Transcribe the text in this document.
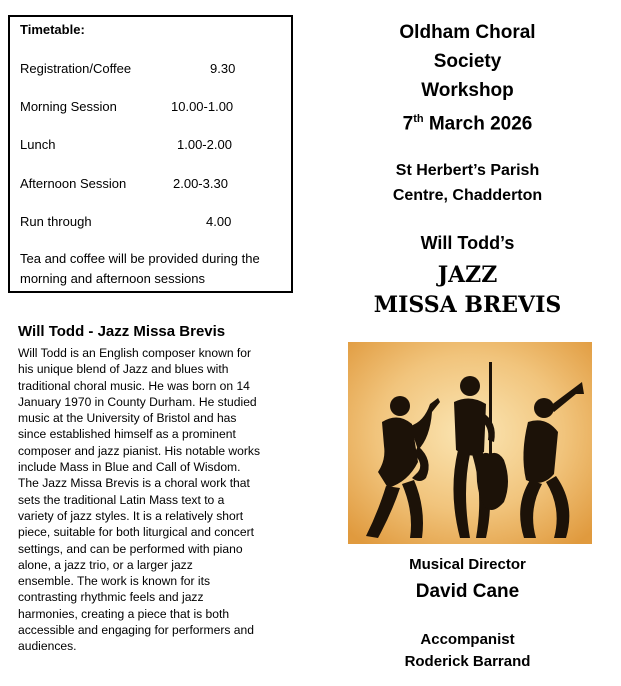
Timetable:
Registration/Coffee	9.30
Morning Session	10.00-1.00
Lunch	1.00-2.00
Afternoon Session	2.00-3.30
Run through	4.00
Tea and coffee will be provided during the morning and afternoon sessions
Will Todd - Jazz Missa Brevis
Will Todd is an English composer known for
his unique blend of Jazz and blues with
traditional choral music. He was born on 14
January 1970 in County Durham. He studied
music at the University of Bristol and has
since established himself as a prominent
composer and jazz pianist. His notable works
include Mass in Blue and Call of Wisdom.
The Jazz Missa Brevis is a choral work that
sets the traditional Latin Mass text to a
variety of jazz styles. It is a relatively short
piece, suitable for both liturgical and concert
settings, and can be performed with piano
alone, a jazz trio, or a larger jazz
ensemble. The work is known for its
contrasting rhythmic feels and jazz
harmonies, creating a piece that is both
accessible and engaging for performers and
audiences.
Oldham Choral
Society
Workshop
7th March 2026
St Herbert’s Parish
Centre, Chadderton
Will Todd’s
JAZZ
MISSA BREVIS
Musical Director
David Cane
Accompanist
Roderick Barrand
